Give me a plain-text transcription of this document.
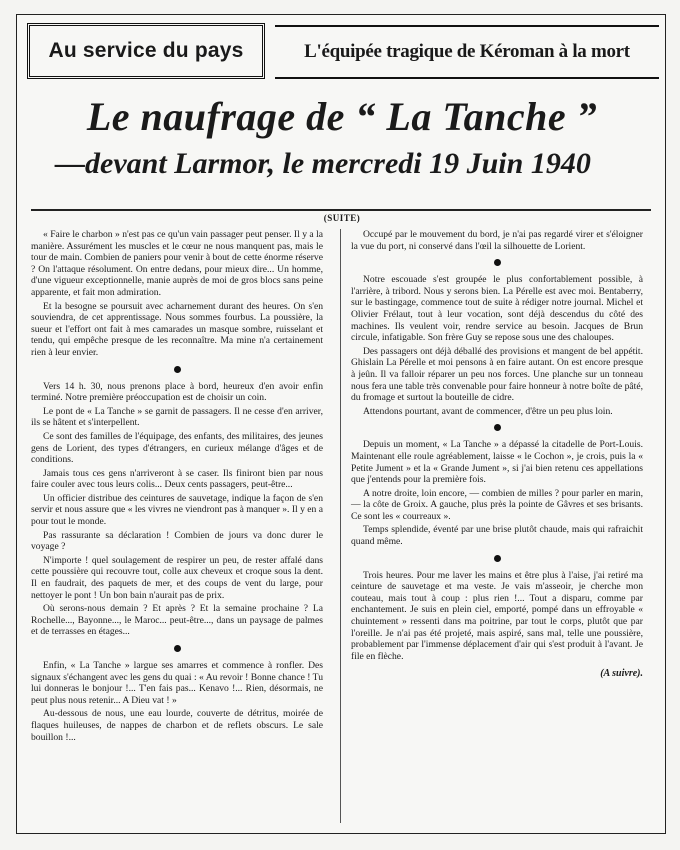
Au service du pays	L'équipée tragique de Kéroman à la mort
Le naufrage de “ La Tanche ”
—devant Larmor, le mercredi 19 Juin 1940
(SUITE)

« Faire le charbon » n'est pas ce qu'un vain passager peut penser. Il y a la manière. Assurément les muscles et le cœur ne nous manquent pas, mais le tour de main. Combien de paniers pour venir à bout de cette énorme réserve ? On l'attaque résolument. On entre dedans, pour mieux dire... Un homme, d'une vigueur exceptionnelle, manie auprès de moi de gros blocs sans peine apparente, et fait mon admiration.

Et la besogne se poursuit avec acharnement durant des heures. On s'en souviendra, de cet apprentissage. Nous sommes fourbus. La poussière, la sueur et l'effort ont fait à mes camarades un masque sombre, ruisselant et tendu, qui empêche presque de les reconnaître. Ma mine n'a certainement rien à leur envier.

Vers 14 h. 30, nous prenons place à bord, heureux d'en avoir enfin terminé. Notre première préoccupation est de choisir un coin.

Le pont de « La Tanche » se garnit de passagers. Il ne cesse d'en arriver, ils se hâtent et s'interpellent.

Ce sont des familles de l'équipage, des enfants, des militaires, des jeunes gens de Lorient, des types d'étrangers, en curieux mélange d'âges et de conditions.

Jamais tous ces gens n'arriveront à se caser. Ils finiront bien par nous faire couler avec tous leurs colis... Deux cents passagers, peut-être...

Un officier distribue des ceintures de sauvetage, indique la façon de s'en servir et nous assure que « les vivres ne viendront pas à manquer ». Il y en a pour tout le monde.

Pas rassurante sa déclaration ! Combien de jours va donc durer le voyage ?

N'importe ! quel soulagement de respirer un peu, de rester affalé dans cette poussière qui recouvre tout, colle aux cheveux et croque sous la dent. Il en faudrait, des paquets de mer, et des coups de vent du large, pour nettoyer le pont ! Un bon bain n'aurait pas de prix.

Où serons-nous demain ? Et après ? Et la semaine prochaine ? La Rochelle..., Bayonne..., le Maroc... peut-être..., dans un paysage de palmes et de terrasses en étages...

Enfin, « La Tanche » largue ses amarres et commence à ronfler. Des signaux s'échangent avec les gens du quai : « Au revoir ! Bonne chance ! Tu lui donneras le bonjour !... T'en fais pas... Kenavo !... Rien, désormais, ne peut plus nous retenir... A Dieu vat ! »

Au-dessous de nous, une eau lourde, couverte de détritus, moirée de flaques huileuses, de nappes de charbon et de reflets obscurs. Le sale bouillon !...

Occupé par le mouvement du bord, je n'ai pas regardé virer et s'éloigner la vue du port, ni conservé dans l'œil la silhouette de Lorient.

Notre escouade s'est groupée le plus confortablement possible, à l'arrière, à tribord. Nous y serons bien. La Pérelle est avec moi. Bentaberry, sur le bastingage, commence tout de suite à rédiger notre journal. Michel et Olivier Frélaut, tout à leur vocation, sont déjà descendus du côté des machines. Ils veulent voir, rendre service au besoin. Jacques de Brun circule, infatigable. Son frère Guy se repose sous une des chaloupes.

Des passagers ont déjà déballé des provisions et mangent de bel appétit. Ghislain La Pérelle et moi pensons à en faire autant. On est encore presque à jeûn. Il va falloir réparer un peu nos forces. Une planche sur un tonneau nous fera une table très convenable pour faire honneur à notre boîte de pâté, du fromage et surtout la bouteille de cidre.

Attendons pourtant, avant de commencer, d'être un peu plus loin.

Depuis un moment, « La Tanche » a dépassé la citadelle de Port-Louis. Maintenant elle roule agréablement, laisse « le Cochon », je crois, puis la « Petite Jument » et la « Grande Jument », si j'ai bien retenu ces appellations que j'entends pour la première fois.

A notre droite, loin encore, — combien de milles ? pour parler en marin, — la côte de Groix. A gauche, plus près la pointe de Gâvres et ses brisants. Ce sont les « courreaux ».

Temps splendide, éventé par une brise plutôt chaude, mais qui rafraichit quand même.

Trois heures. Pour me laver les mains et être plus à l'aise, j'ai retiré ma ceinture de sauvetage et ma veste. Je vais m'asseoir, je cherche mon couteau, mais tout à coup : plus rien !... Tout a disparu, comme par enchantement. Je suis en plein ciel, emporté, pompé dans un effroyable « chuintement » ressenti dans ma poitrine, par tout le corps, plutôt que par l'oreille. Je n'ai pas été projeté, mais aspiré, sans mal, telle une poussière, probablement par l'immense déplacement d'air qui s'est produit à l'avant. Je file en flèche.

(A suivre).
